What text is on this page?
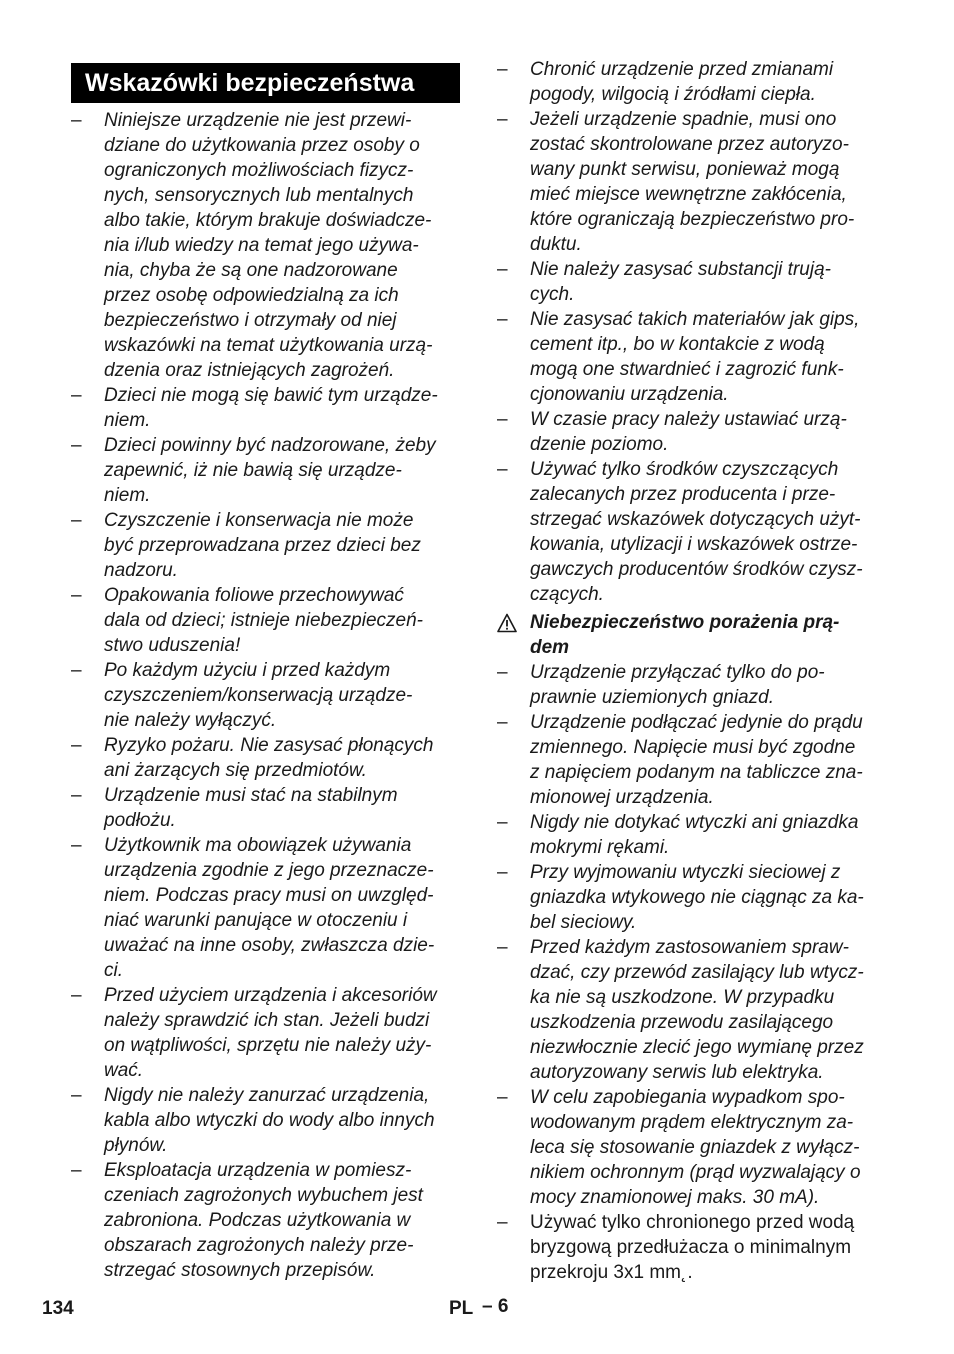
Wskazówki bezpieczeństwa
– Niniejsze urządzenie nie jest przewi-
dziane do użytkowania przez osoby o
ograniczonych możliwościach fizycz-
nych, sensorycznych lub mentalnych
albo takie, którym brakuje doświadcze-
nia i/lub wiedzy na temat jego używa-
nia, chyba że są one nadzorowane
przez osobę odpowiedzialną za ich
bezpieczeństwo i otrzymały od niej
wskazówki na temat użytkowania urzą-
dzenia oraz istniejących zagrożeń.
– Dzieci nie mogą się bawić tym urządze-
niem.
– Dzieci powinny być nadzorowane, żeby
zapewnić, iż nie bawią się urządze-
niem.
– Czyszczenie i konserwacja nie może
być przeprowadzana przez dzieci bez
nadzoru.
– Opakowania foliowe przechowywać
dala od dzieci; istnieje niebezpieczeń-
stwo uduszenia!
– Po każdym użyciu i przed każdym
czyszczeniem/konserwacją urządze-
nie należy wyłączyć.
– Ryzyko pożaru. Nie zasysać płonących
ani żarzących się przedmiotów.
– Urządzenie musi stać na stabilnym
podłożu.
– Użytkownik ma obowiązek używania
urządzenia zgodnie z jego przeznacze-
niem. Podczas pracy musi on uwzględ-
niać warunki panujące w otoczeniu i
uważać na inne osoby, zwłaszcza dzie-
ci.
– Przed użyciem urządzenia i akcesoriów
należy sprawdzić ich stan. Jeżeli budzi
on wątpliwości, sprzętu nie należy uży-
wać.
– Nigdy nie należy zanurzać urządzenia,
kabla albo wtyczki do wody albo innych
płynów.
– Eksploatacja urządzenia w pomiesz-
czeniach zagrożonych wybuchem jest
zabroniona. Podczas użytkowania w
obszarach zagrożonych należy prze-
strzegać stosownych przepisów.
– Chronić urządzenie przed zmianami
pogody, wilgocią i źródłami ciepła.
– Jeżeli urządzenie spadnie, musi ono
zostać skontrolowane przez autoryzo-
wany punkt serwisu, ponieważ mogą
mieć miejsce wewnętrzne zakłócenia,
które ograniczają bezpieczeństwo pro-
duktu.
– Nie należy zasysać substancji trują-
cych.
– Nie zasysać takich materiałów jak gips,
cement itp., bo w kontakcie z wodą
mogą one stwardnieć i zagrozić funk-
cjonowaniu urządzenia.
– W czasie pracy należy ustawiać urzą-
dzenie poziomo.
– Używać tylko środków czyszczących
zalecanych przez producenta i prze-
strzegać wskazówek dotyczących użyt-
kowania, utylizacji i wskazówek ostrze-
gawczych producentów środków czysz-
czących.
Niebezpieczeństwo porażenia prą-
dem
– Urządzenie przyłączać tylko do po-
prawnie uziemionych gniazd.
– Urządzenie podłączać jedynie do prądu
zmiennego. Napięcie musi być zgodne
z napięciem podanym na tabliczce zna-
mionowej urządzenia.
– Nigdy nie dotykać wtyczki ani gniazdka
mokrymi rękami.
– Przy wyjmowaniu wtyczki sieciowej z
gniazdka wtykowego nie ciągnąc za ka-
bel sieciowy.
– Przed każdym zastosowaniem spraw-
dzać, czy przewód zasilający lub wtycz-
ka nie są uszkodzone. W przypadku
uszkodzenia przewodu zasilającego
niezwłocznie zlecić jego wymianę przez
autoryzowany serwis lub elektryka.
– W celu zapobiegania wypadkom spo-
wodowanym prądem elektrycznym za-
leca się stosowanie gniazdek z wyłącz-
nikiem ochronnym (prąd wyzwalający o
mocy znamionowej maks. 30 mA).
– Używać tylko chronionego przed wodą
bryzgową przedłużacza o minimalnym
przekroju 3x1 mm˛.
134	PL – 6
